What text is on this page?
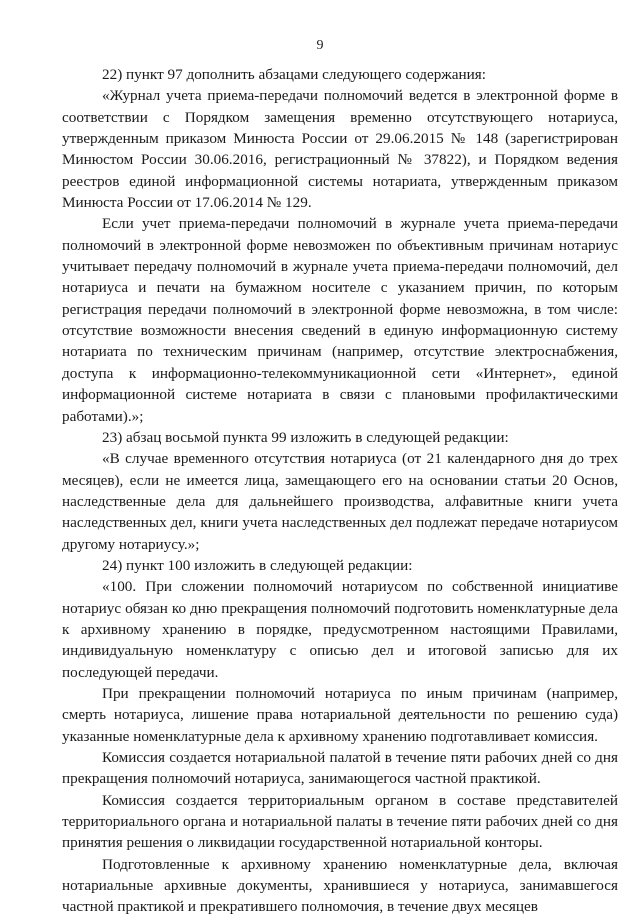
9

22) пункт 97 дополнить абзацами следующего содержания:

«Журнал учета приема-передачи полномочий ведется в электронной форме в соответствии с Порядком замещения временно отсутствующего нотариуса, утвержденным приказом Минюста России от 29.06.2015 № 148 (зарегистрирован Минюстом России 30.06.2016, регистрационный № 37822), и Порядком ведения реестров единой информационной системы нотариата, утвержденным приказом Минюста России от 17.06.2014 № 129.

Если учет приема-передачи полномочий в журнале учета приема-передачи полномочий в электронной форме невозможен по объективным причинам нотариус учитывает передачу полномочий в журнале учета приема-передачи полномочий, дел нотариуса и печати на бумажном носителе с указанием причин, по которым регистрация передачи полномочий в электронной форме невозможна, в том числе: отсутствие возможности внесения сведений в единую информационную систему нотариата по техническим причинам (например, отсутствие электроснабжения, доступа к информационно-телекоммуникационной сети «Интернет», единой информационной системе нотариата в связи с плановыми профилактическими работами).»;

23) абзац восьмой пункта 99 изложить в следующей редакции:

«В случае временного отсутствия нотариуса (от 21 календарного дня до трех месяцев), если не имеется лица, замещающего его на основании статьи 20 Основ, наследственные дела для дальнейшего производства, алфавитные книги учета наследственных дел, книги учета наследственных дел подлежат передаче нотариусом другому нотариусу.»;

24) пункт 100 изложить в следующей редакции:

«100. При сложении полномочий нотариусом по собственной инициативе нотариус обязан ко дню прекращения полномочий подготовить номенклатурные дела к архивному хранению в порядке, предусмотренном настоящими Правилами, индивидуальную номенклатуру с описью дел и итоговой записью для их последующей передачи.

При прекращении полномочий нотариуса по иным причинам (например, смерть нотариуса, лишение права нотариальной деятельности по решению суда) указанные номенклатурные дела к архивному хранению подготавливает комиссия.

Комиссия создается нотариальной палатой в течение пяти рабочих дней со дня прекращения полномочий нотариуса, занимающегося частной практикой.

Комиссия создается территориальным органом в составе представителей территориального органа и нотариальной палаты в течение пяти рабочих дней со дня принятия решения о ликвидации государственной нотариальной конторы.

Подготовленные к архивному хранению номенклатурные дела, включая нотариальные архивные документы, хранившиеся у нотариуса, занимавшегося частной практикой и прекратившего полномочия, в течение двух месяцев
